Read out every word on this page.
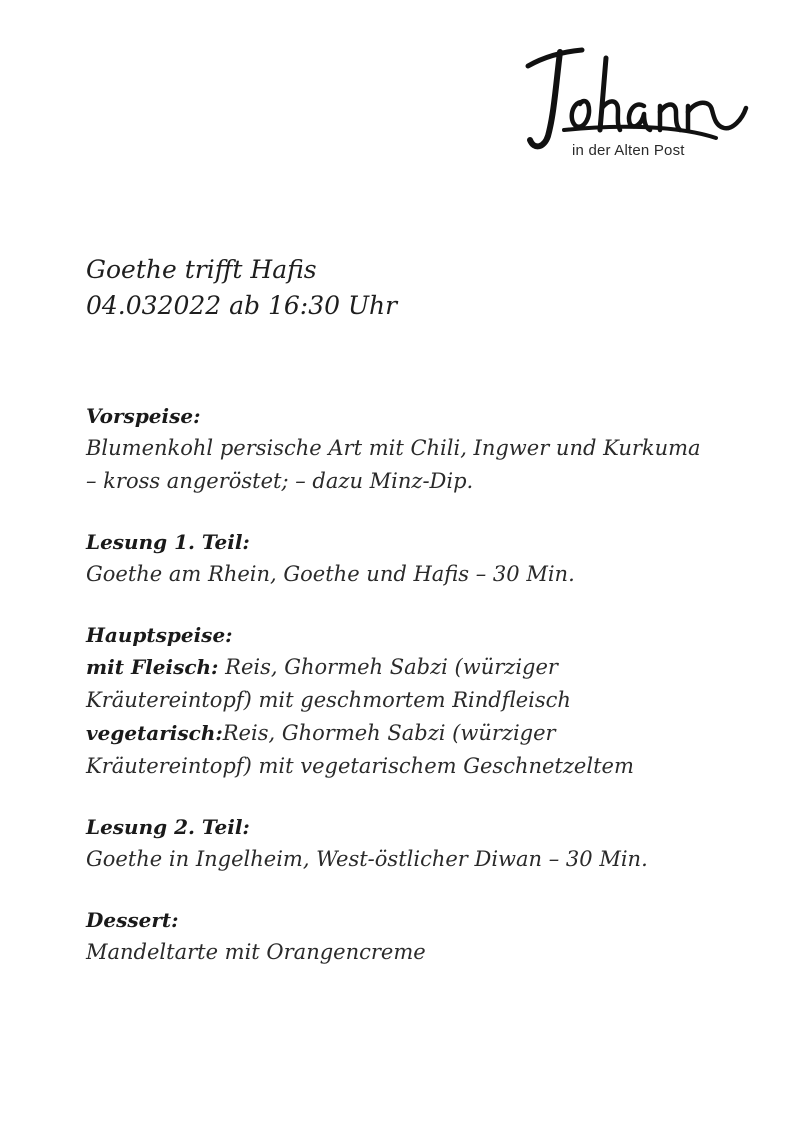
in der Alten Post
Goethe trifft Hafis
04.032022 ab 16:30 Uhr
Vorspeise:
Blumenkohl persische Art mit Chili, Ingwer und Kurkuma
– kross angeröstet; – dazu Minz-Dip.
Lesung 1. Teil:
Goethe am Rhein, Goethe und Hafis – 30 Min.
Hauptspeise:
mit Fleisch: Reis, Ghormeh Sabzi (würziger
Kräutereintopf) mit geschmortem Rindfleisch
vegetarisch:Reis, Ghormeh Sabzi (würziger
Kräutereintopf) mit vegetarischem Geschnetzeltem
Lesung 2. Teil:
Goethe in Ingelheim, West-östlicher Diwan – 30 Min.
Dessert:
Mandeltarte mit Orangencreme
